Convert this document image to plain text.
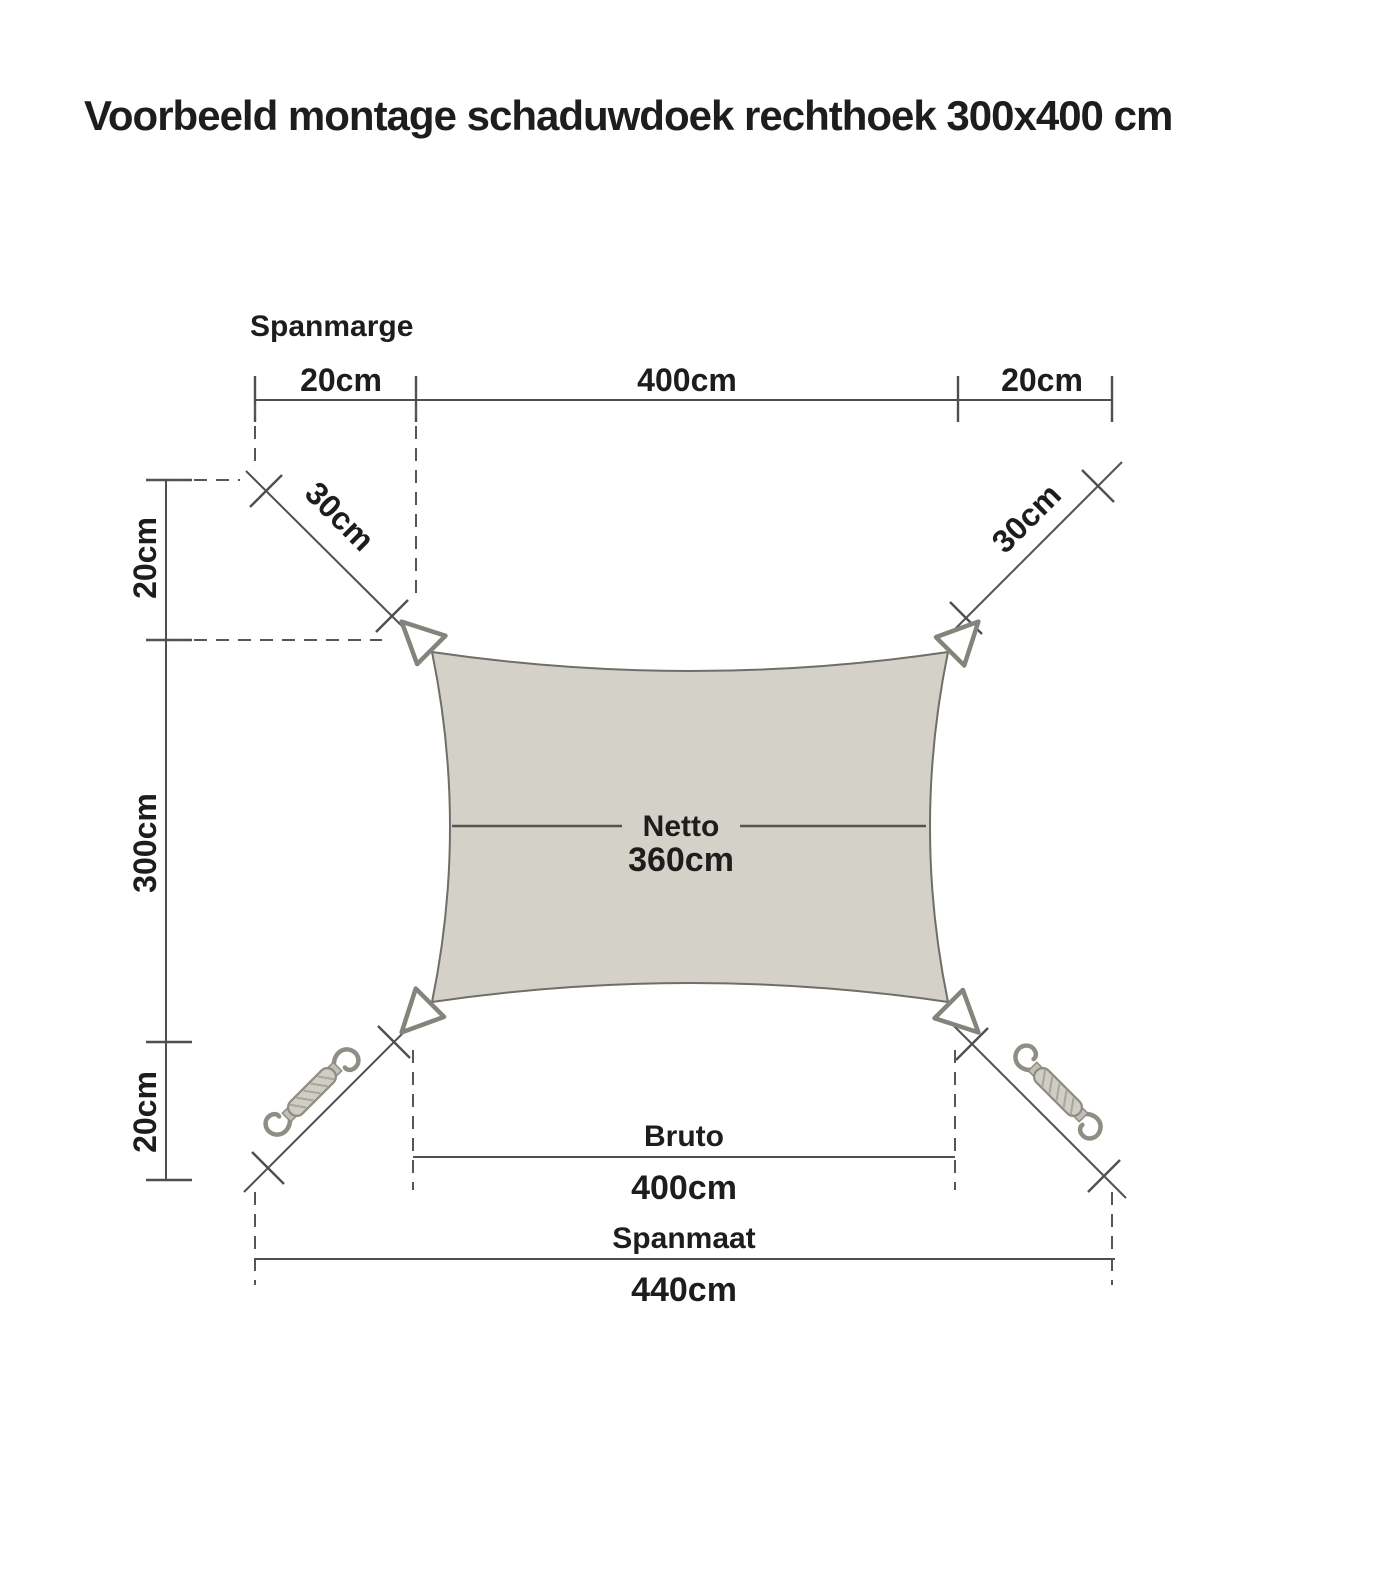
Voorbeeld montage schaduwdoek rechthoek 300x400 cm
Spanmarge
20cm	400cm	20cm
20cm
300cm
20cm
30cm	30cm
Netto
360cm
Bruto
400cm
Spanmaat
440cm
